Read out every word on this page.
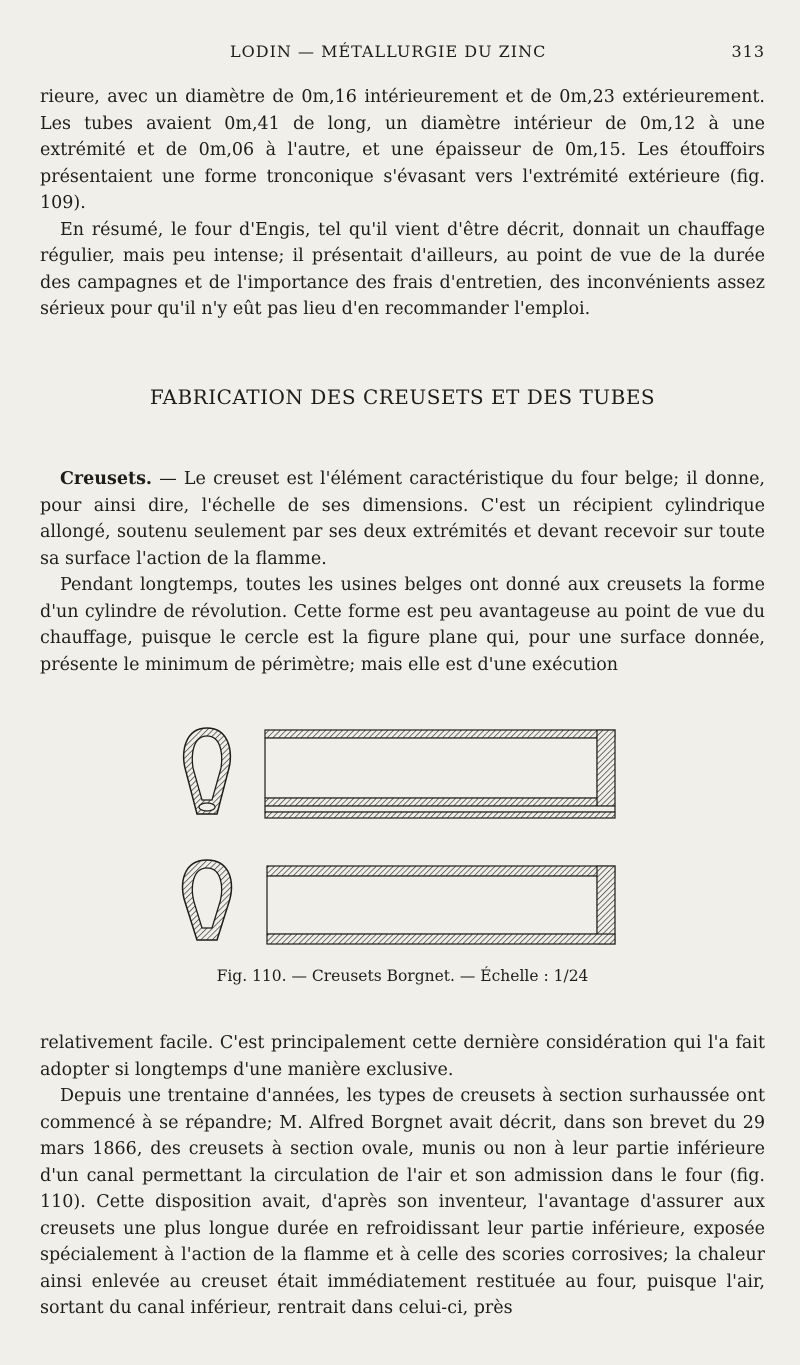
LODIN — MÉTALLURGIE DU ZINC	313

rieure, avec un diamètre de 0m,16 intérieurement et de 0m,23 extérieurement. Les tubes avaient 0m,41 de long, un diamètre intérieur de 0m,12 à une extrémité et de 0m,06 à l'autre, et une épaisseur de 0m,15. Les étouffoirs présentaient une forme tronconique s'évasant vers l'extrémité extérieure (fig. 109).

En résumé, le four d'Engis, tel qu'il vient d'être décrit, donnait un chauffage régulier, mais peu intense; il présentait d'ailleurs, au point de vue de la durée des campagnes et de l'importance des frais d'entretien, des inconvénients assez sérieux pour qu'il n'y eût pas lieu d'en recommander l'emploi.

FABRICATION DES CREUSETS ET DES TUBES

Creusets. — Le creuset est l'élément caractéristique du four belge; il donne, pour ainsi dire, l'échelle de ses dimensions. C'est un récipient cylindrique allongé, soutenu seulement par ses deux extrémités et devant recevoir sur toute sa surface l'action de la flamme.

Pendant longtemps, toutes les usines belges ont donné aux creusets la forme d'un cylindre de révolution. Cette forme est peu avantageuse au point de vue du chauffage, puisque le cercle est la figure plane qui, pour une surface donnée, présente le minimum de périmètre; mais elle est d'une exécution

Fig. 110. — Creusets Borgnet. — Échelle : 1/24

relativement facile. C'est principalement cette dernière considération qui l'a fait adopter si longtemps d'une manière exclusive.

Depuis une trentaine d'années, les types de creusets à section surhaussée ont commencé à se répandre; M. Alfred Borgnet avait décrit, dans son brevet du 29 mars 1866, des creusets à section ovale, munis ou non à leur partie inférieure d'un canal permettant la circulation de l'air et son admission dans le four (fig. 110). Cette disposition avait, d'après son inventeur, l'avantage d'assurer aux creusets une plus longue durée en refroidissant leur partie inférieure, exposée spécialement à l'action de la flamme et à celle des scories corrosives; la chaleur ainsi enlevée au creuset était immédiatement restituée au four, puisque l'air, sortant du canal inférieur, rentrait dans celui-ci, près
